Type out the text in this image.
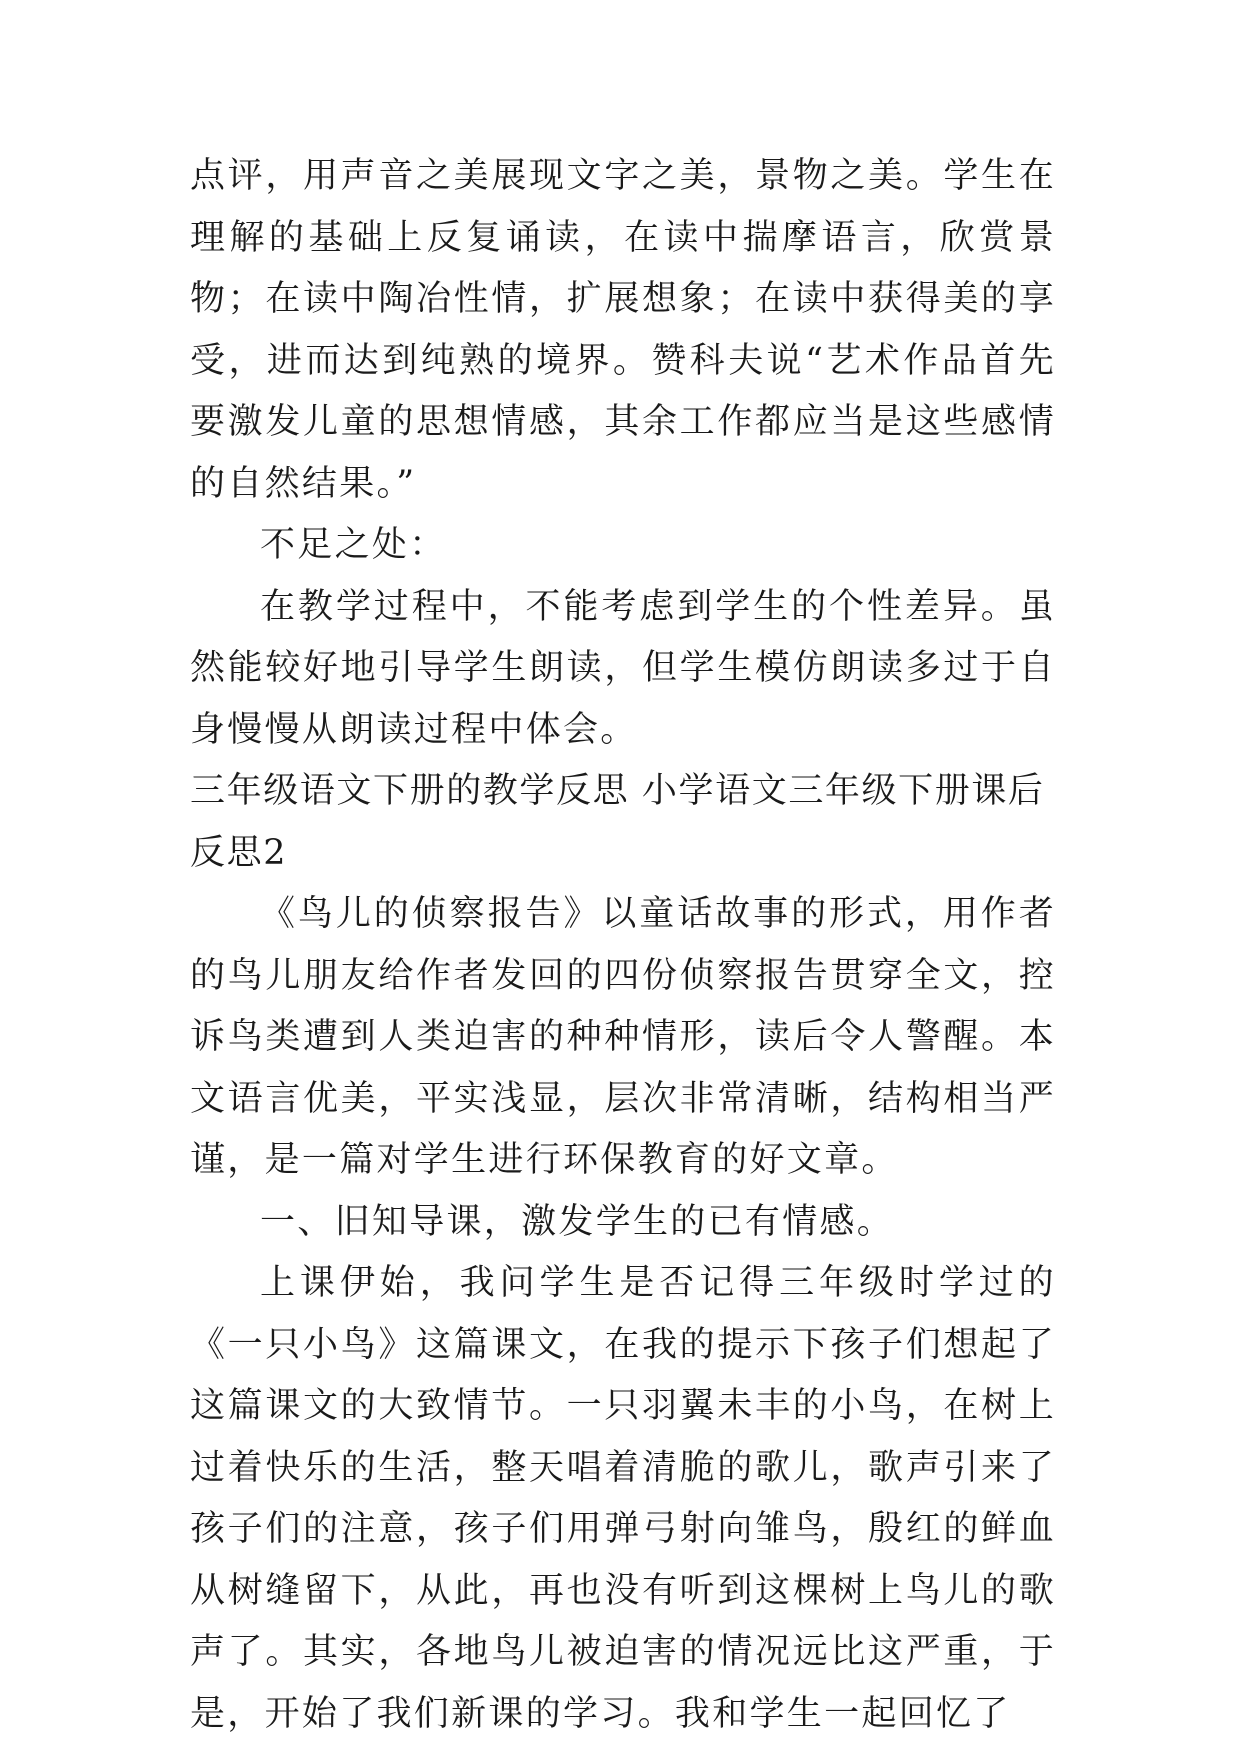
点评，用声音之美展现文字之美，景物之美。学生在理解的基础上反复诵读，在读中揣摩语言，欣赏景物；在读中陶冶性情，扩展想象；在读中获得美的享受，进而达到纯熟的境界。赞科夫说“艺术作品首先要激发儿童的思想情感，其余工作都应当是这些感情的自然结果。”

不足之处：

在教学过程中，不能考虑到学生的个性差异。虽然能较好地引导学生朗读，但学生模仿朗读多过于自身慢慢从朗读过程中体会。

三年级语文下册的教学反思 小学语文三年级下册课后反思2

《鸟儿的侦察报告》以童话故事的形式，用作者的鸟儿朋友给作者发回的四份侦察报告贯穿全文，控诉鸟类遭到人类迫害的种种情形，读后令人警醒。本文语言优美，平实浅显，层次非常清晰，结构相当严谨，是一篇对学生进行环保教育的好文章。

一、旧知导课，激发学生的已有情感。

上课伊始，我问学生是否记得三年级时学过的《一只小鸟》这篇课文，在我的提示下孩子们想起了这篇课文的大致情节。一只羽翼未丰的小鸟，在树上过着快乐的生活，整天唱着清脆的歌儿，歌声引来了孩子们的注意，孩子们用弹弓射向雏鸟，殷红的鲜血从树缝留下，从此，再也没有听到这棵树上鸟儿的歌声了。其实，各地鸟儿被迫害的情况远比这严重，于是，开始了我们新课的学习。我和学生一起回忆了
